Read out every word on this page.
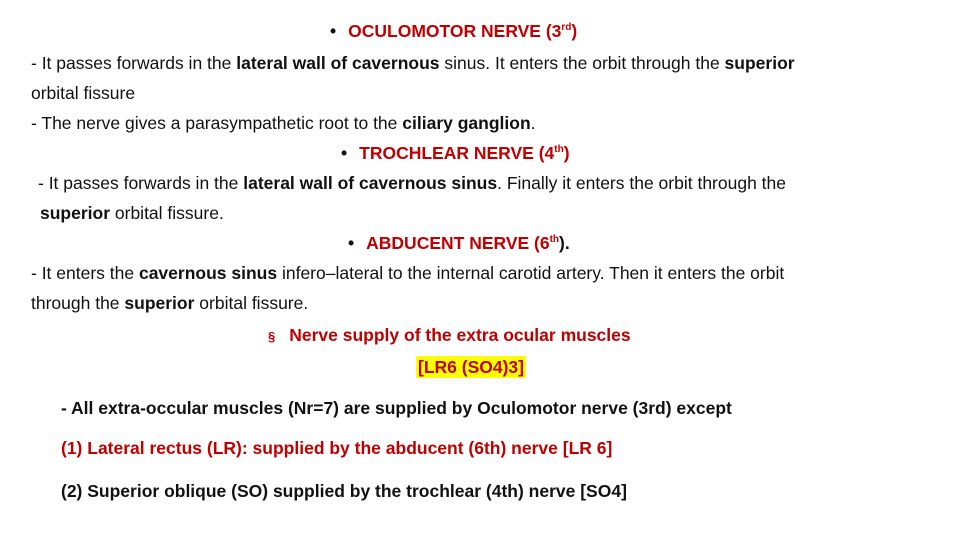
• OCULOMOTOR NERVE (3rd)
- It passes forwards in the lateral wall of cavernous sinus. It enters the orbit through the superior
orbital fissure
- The nerve gives a parasympathetic root to the ciliary ganglion.
• TROCHLEAR NERVE (4th)
- It passes forwards in the lateral wall of cavernous sinus. Finally it enters the orbit through the
superior orbital fissure.
• ABDUCENT NERVE (6th).
- It enters the cavernous sinus infero–lateral to the internal carotid artery. Then it enters the orbit
through the superior orbital fissure.
§ Nerve supply of the extra ocular muscles
[LR6 (SO4)3]
- All extra-occular muscles (Nr=7) are supplied by Oculomotor nerve (3rd) except
(1) Lateral rectus (LR): supplied by the abducent (6th) nerve [LR 6]
(2) Superior oblique (SO) supplied by the trochlear (4th) nerve [SO4]
